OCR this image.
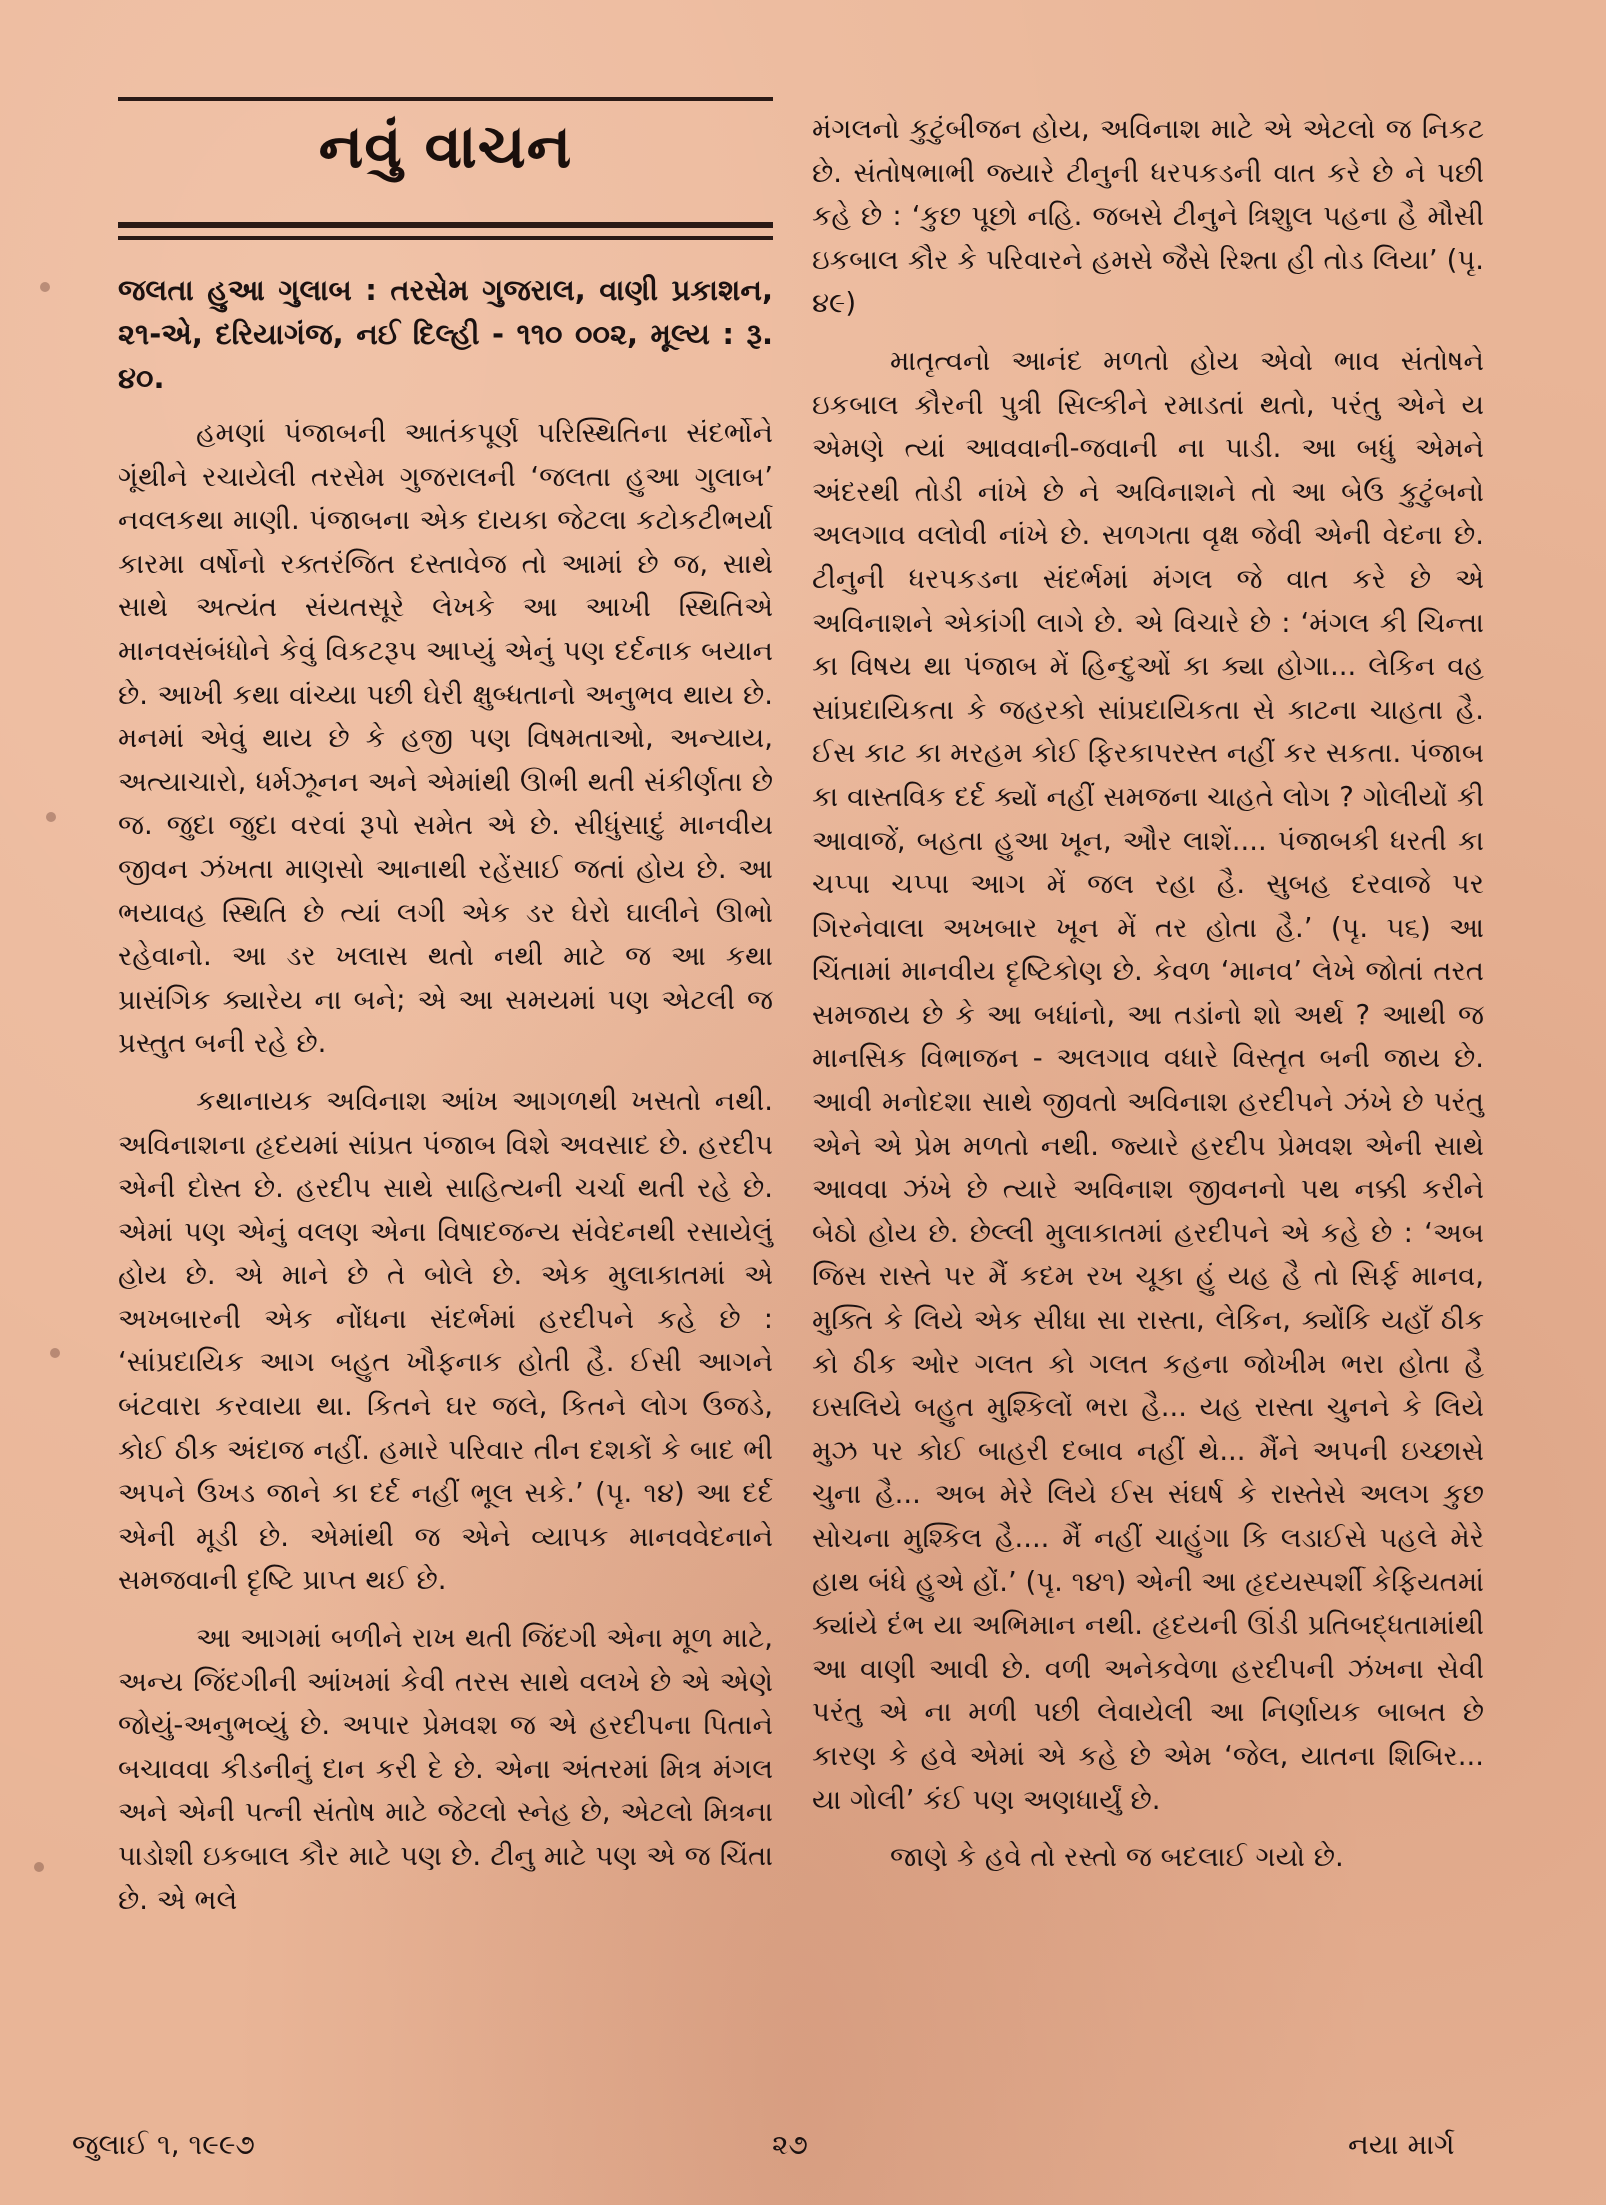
નવું વાચન
જલતા હુઆ ગુલાબ : તરસેમ ગુજરાલ, વાણી પ્રકાશન, ૨૧-એ, દરિયાગંજ, નઈ દિલ્હી - ૧૧૦ ૦૦૨, મૂલ્ય : રૂ. ૪૦.

હમણાં પંજાબની આતંકપૂર્ણ પરિસ્થિતિના સંદર્ભોને ગૂંથીને રચાયેલી તરસેમ ગુજરાલની ‘જલતા હુઆ ગુલાબ’ નવલકથા માણી. પંજાબના એક દાયકા જેટલા કટોકટીભર્યા કારમા વર્ષોનો રક્તરંજિત દસ્તાવેજ તો આમાં છે જ, સાથે સાથે અત્યંત સંયતસૂરે લેખકે આ આખી સ્થિતિએ માનવસંબંધોને કેવું વિકટરૂપ આપ્યું એનું પણ દર્દનાક બયાન છે. આખી કથા વાંચ્યા પછી ઘેરી ક્ષુબ્ધતાનો અનુભવ થાય છે. મનમાં એવું થાય છે કે હજી પણ વિષમતાઓ, અન્યાય, અત્યાચારો, ધર્મઝૂનન અને એમાંથી ઊભી થતી સંકીર્ણતા છે જ. જુદા જુદા વરવાં રૂપો સમેત એ છે. સીધુંસાદું માનવીય જીવન ઝંખતા માણસો આનાથી રહેંસાઈ જતાં હોય છે. આ ભયાવહ સ્થિતિ છે ત્યાં લગી એક ડર ઘેરો ઘાલીને ઊભો રહેવાનો. આ ડર ખલાસ થતો નથી માટે જ આ કથા પ્રાસંગિક ક્યારેય ના બને; એ આ સમયમાં પણ એટલી જ પ્રસ્તુત બની રહે છે.

કથાનાયક અવિનાશ આંખ આગળથી ખસતો નથી. અવિનાશના હૃદયમાં સાંપ્રત પંજાબ વિશે અવસાદ છે. હરદીપ એની દોસ્ત છે. હરદીપ સાથે સાહિત્યની ચર્ચા થતી રહે છે. એમાં પણ એનું વલણ એના વિષાદજન્ય સંવેદનથી રસાયેલું હોય છે. એ માને છે તે બોલે છે. એક મુલાકાતમાં એ અખબારની એક નોંધના સંદર્ભમાં હરદીપને કહે છે : ‘સાંપ્રદાયિક આગ બહુત ખૌફનાક હોતી હૈ. ઈસી આગને બંટવારા કરવાયા થા. કિતને ઘર જલે, કિતને લોગ ઉજડે, કોઈ ઠીક અંદાજ નહીં. હમારે પરિવાર તીન દશકોં કે બાદ ભી અપને ઉખડ જાને કા દર્દ નહીં ભૂલ સકે.’ (પૃ. ૧૪) આ દર્દ એની મૂડી છે. એમાંથી જ એને વ્યાપક માનવવેદનાને સમજવાની દૃષ્ટિ પ્રાપ્ત થઈ છે.

આ આગમાં બળીને રાખ થતી જિંદગી એના મૂળ માટે, અન્ય જિંદગીની આંખમાં કેવી તરસ સાથે વલખે છે એ એણે જોયું-અનુભવ્યું છે. અપાર પ્રેમવશ જ એ હરદીપના પિતાને બચાવવા કીડનીનું દાન કરી દે છે. એના અંતરમાં મિત્ર મંગલ અને એની પત્ની સંતોષ માટે જેટલો સ્નેહ છે, એટલો મિત્રના પાડોશી ઇકબાલ કૌર માટે પણ છે. ટીનુ માટે પણ એ જ ચિંતા છે. એ ભલે

મંગલનો કુટુંબીજન હોય, અવિનાશ માટે એ એટલો જ નિકટ છે. સંતોષભાભી જ્યારે ટીનુની ધરપકડની વાત કરે છે ને પછી કહે છે : ‘કુછ પૂછો નહિ. જબસે ટીનુને ત્રિશુલ પહના હૈ મૌસી ઇકબાલ કૌર કે પરિવારને હમસે જૈસે રિશ્તા હી તોડ લિયા’ (પૃ. ૪૯)

માતૃત્વનો આનંદ મળતો હોય એવો ભાવ સંતોષને ઇકબાલ કૌરની પુત્રી સિલ્કીને રમાડતાં થતો, પરંતુ એને ય એમણે ત્યાં આવવાની-જવાની ના પાડી. આ બધું એમને અંદરથી તોડી નાંખે છે ને અવિનાશને તો આ બેઉ કુટુંબનો અલગાવ વલોવી નાંખે છે. સળગતા વૃક્ષ જેવી એની વેદના છે. ટીનુની ધરપકડના સંદર્ભમાં મંગલ જે વાત કરે છે એ અવિનાશને એકાંગી લાગે છે. એ વિચારે છે : ‘મંગલ કી ચિન્તા કા વિષય થા પંજાબ મેં હિન્દુઓં કા ક્યા હોગા... લેકિન વહ સાંપ્રદાયિકતા કે જહરકો સાંપ્રદાયિકતા સે કાટના ચાહતા હૈ. ઈસ કાટ કા મરહમ કોઈ ફિરકાપરસ્ત નહીં કર સકતા. પંજાબ કા વાસ્તવિક દર્દ ક્યોં નહીં સમજના ચાહતે લોગ ? ગોલીયોં કી આવાજેં, બહતા હુઆ ખૂન, ઔર લાશેં.... પંજાબકી ધરતી કા ચપ્પા ચપ્પા આગ મેં જલ રહા હૈ. સુબહ દરવાજે પર ગિરનેવાલા અખબાર ખૂન મેં તર હોતા હૈ.’ (પૃ. ૫૬) આ ચિંતામાં માનવીય દૃષ્ટિકોણ છે. કેવળ ‘માનવ’ લેખે જોતાં તરત સમજાય છે કે આ બધાંનો, આ તડાંનો શો અર્થ ? આથી જ માનસિક વિભાજન - અલગાવ વધારે વિસ્તૃત બની જાય છે. આવી મનોદશા સાથે જીવતો અવિનાશ હરદીપને ઝંખે છે પરંતુ એને એ પ્રેમ મળતો નથી. જ્યારે હરદીપ પ્રેમવશ એની સાથે આવવા ઝંખે છે ત્યારે અવિનાશ જીવનનો પથ નક્કી કરીને બેઠો હોય છે. છેલ્લી મુલાકાતમાં હરદીપને એ કહે છે : ‘અબ જિસ રાસ્તે પર મૈં કદમ રખ ચૂકા હું યહ હૈ તો સિર્ફ માનવ, મુક્તિ કે લિયે એક સીધા સા રાસ્તા, લેકિન, ક્યોંકિ યહાઁ ઠીક કો ઠીક ઓર ગલત કો ગલત કહના જોખીમ ભરા હોતા હૈ ઇસલિયે બહુત મુશ્કિલોં ભરા હૈ... યહ રાસ્તા ચુનને કે લિયે મુઝ પર કોઈ બાહરી દબાવ નહીં થે... મૈંને અપની ઇચ્છાસે ચુના હૈ... અબ મેરે લિયે ઈસ સંઘર્ષ કે રાસ્તેસે અલગ કુછ સોચના મુશ્કિલ હૈ.... મૈં નહીં ચાહુંગા કિ લડાઈસે પહલે મેરે હાથ બંધે હુએ હોં.’ (પૃ. ૧૪૧) એની આ હૃદયસ્પર્શી કેફિયતમાં ક્યાંયે દંભ યા અભિમાન નથી. હૃદયની ઊંડી પ્રતિબદ્ધતામાંથી આ વાણી આવી છે. વળી અનેકવેળા હરદીપની ઝંખના સેવી પરંતુ એ ના મળી પછી લેવાયેલી આ નિર્ણાયક બાબત છે કારણ કે હવે એમાં એ કહે છે એમ ‘જેલ, યાતના શિબિર... યા ગોલી’ કંઈ પણ અણધાર્યું છે.

જાણે કે હવે તો રસ્તો જ બદલાઈ ગયો છે.

જુલાઈ ૧, ૧૯૯૭	૨૭	નયા માર્ગ
